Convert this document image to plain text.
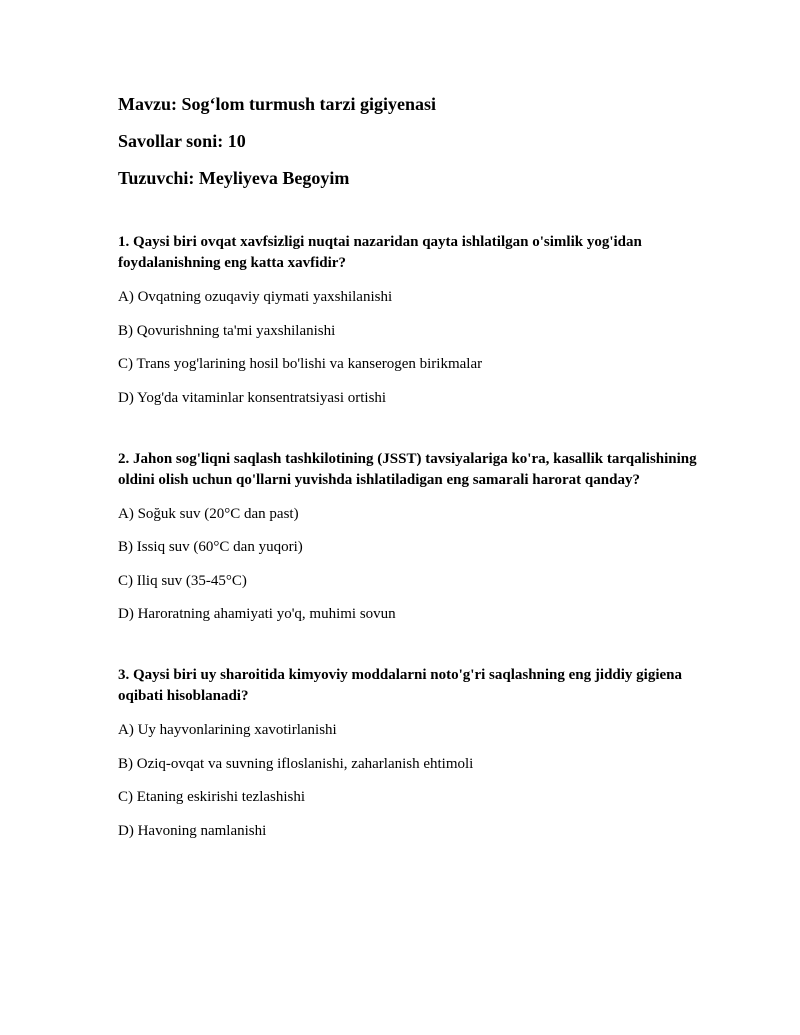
Mavzu: Sog‘lom turmush tarzi gigiyenasi

Savollar soni: 10

Tuzuvchi: Meyliyeva Begoyim

1. Qaysi biri ovqat xavfsizligi nuqtai nazaridan qayta ishlatilgan o'simlik yog'idan foydalanishning eng katta xavfidir?

A) Ovqatning ozuqaviy qiymati yaxshilanishi

B) Qovurishning ta'mi yaxshilanishi

C) Trans yog'larining hosil bo'lishi va kanserogen birikmalar

D) Yog'da vitaminlar konsentratsiyasi ortishi

2. Jahon sog'liqni saqlash tashkilotining (JSST) tavsiyalariga ko'ra, kasallik tarqalishining oldini olish uchun qo'llarni yuvishda ishlatiladigan eng samarali harorat qanday?

A) Soğuk suv (20°C dan past)

B) Issiq suv (60°C dan yuqori)

C) Iliq suv (35-45°C)

D) Haroratning ahamiyati yo'q, muhimi sovun

3. Qaysi biri uy sharoitida kimyoviy moddalarni noto'g'ri saqlashning eng jiddiy gigiena oqibati hisoblanadi?

A) Uy hayvonlarining xavotirlanishi

B) Oziq-ovqat va suvning ifloslanishi, zaharlanish ehtimoli

C) Etaning eskirishi tezlashishi

D) Havoning namlanishi
